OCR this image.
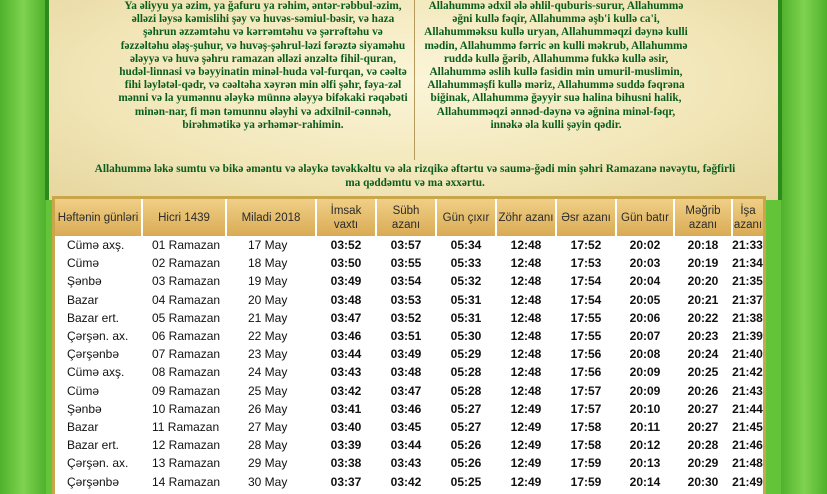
Ya əliyyu ya əzim, ya ğafuru ya rəhim, əntər-rəbbul-əzim, əlləzi ləysə kəmislihi şəy və huvəs-səmiul-bəsir, və haza şəhrun əzzəmtəhu və kərrəmtəhu və şərrəftəhu və fəzzəltəhu ələş-şuhur, və huvəş-şəhrul-ləzi fərəztə siyaməhu ələyyə və huvə şəhru ramazan əlləzi ənzəltə fihil-quran, hudəl-linnasi və bəyyinatin minəl-huda vəl-furqan, və cəəltə fihi ləylətəl-qədr, və cəəltəha xəyrən min əlfi şəhr, fəya-zəl mənni və la yumənnu ələykə münnə ələyyə bifəkaki rəqəbəti minən-nar, fi mən təmunnu ələyhi və adxilnil-cənnəh, birəhmətikə ya ərhəmər-rahimin.

Allahummə ədxil ələ əhlil-quburis-surur, Allahummə əğni kullə fəqir, Allahummə əşb'i kullə ca'i, Allahumməksu kullə uryan, Allahumməqzi dəynə kulli mədin, Allahummə fərric ən kulli məkrub, Allahummə ruddə kullə ğərib, Allahummə fukkə kullə əsir, Allahummə əslih kullə fasidin min umuril-muslimin, Allahumməşfi kullə məriz, Allahummə suddə fəqrəna biğinak, Allahummə ğəyyir suə halina bihusni halik, Allahumməqzi ənnəd-dəynə və əğnina minəl-fəqr, innəkə əla kulli şəyin qədir.

Allahummə ləkə sumtu və bikə əmәntu və ələykə təvəkkəltu və əla rizqikə əftərtu və saumə-ğədi min şəhri Ramazanə nəvəytu, fəğfirli ma qəddəmtu və ma əxxərtu.

Həftənin günləri	Hicri 1439	Miladi 2018	İmsak vaxtı	Sübh azanı	Gün çıxır	Zöhr azanı	Əsr azanı	Gün batır	Məğrib azanı	İşa azanı
Cümə axş.	01 Ramazan	17 May	03:52	03:57	05:34	12:48	17:52	20:02	20:18	21:33
Cümə	02 Ramazan	18 May	03:50	03:55	05:33	12:48	17:53	20:03	20:19	21:34
Şənbə	03 Ramazan	19 May	03:49	03:54	05:32	12:48	17:54	20:04	20:20	21:35
Bazar	04 Ramazan	20 May	03:48	03:53	05:31	12:48	17:54	20:05	20:21	21:37
Bazar ert.	05 Ramazan	21 May	03:47	03:52	05:31	12:48	17:55	20:06	20:22	21:38
Çərşən. ax.	06 Ramazan	22 May	03:46	03:51	05:30	12:48	17:55	20:07	20:23	21:39
Çərşənbə	07 Ramazan	23 May	03:44	03:49	05:29	12:48	17:56	20:08	20:24	21:40
Cümə axş.	08 Ramazan	24 May	03:43	03:48	05:28	12:48	17:56	20:09	20:25	21:42
Cümə	09 Ramazan	25 May	03:42	03:47	05:28	12:48	17:57	20:09	20:26	21:43
Şənbə	10 Ramazan	26 May	03:41	03:46	05:27	12:49	17:57	20:10	20:27	21:44
Bazar	11 Ramazan	27 May	03:40	03:45	05:27	12:49	17:58	20:11	20:27	21:45
Bazar ert.	12 Ramazan	28 May	03:39	03:44	05:26	12:49	17:58	20:12	20:28	21:46
Çərşən. ax.	13 Ramazan	29 May	03:38	03:43	05:26	12:49	17:59	20:13	20:29	21:48
Çərşənbə	14 Ramazan	30 May	03:37	03:42	05:25	12:49	17:59	20:14	20:30	21:49
